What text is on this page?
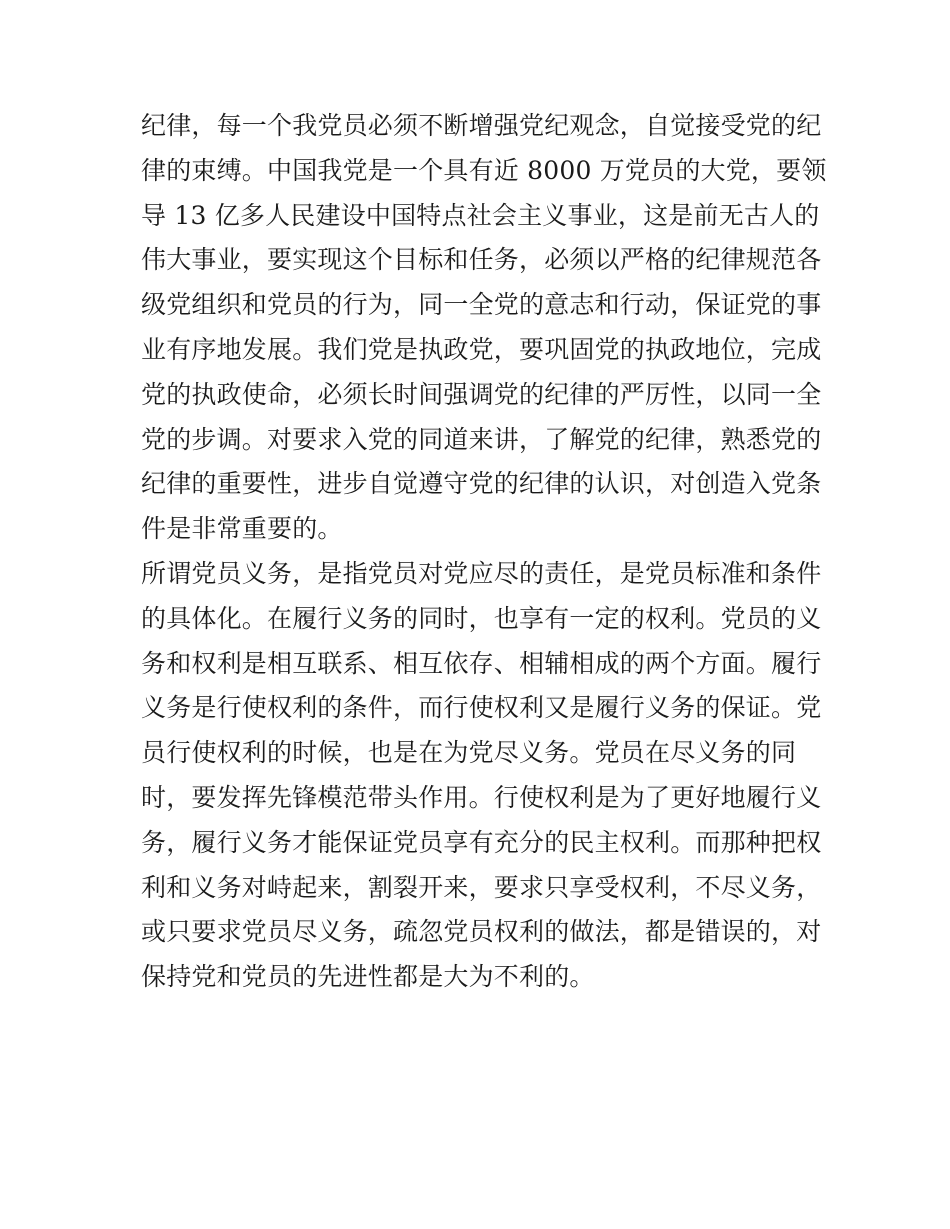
纪律，每一个我党员必须不断增强党纪观念，自觉接受党的纪
律的束缚。中国我党是一个具有近 8000 万党员的大党，要领
导 13 亿多人民建设中国特点社会主义事业，这是前无古人的
伟大事业，要实现这个目标和任务，必须以严格的纪律规范各
级党组织和党员的行为，同一全党的意志和行动，保证党的事
业有序地发展。我们党是执政党，要巩固党的执政地位，完成
党的执政使命，必须长时间强调党的纪律的严厉性，以同一全
党的步调。对要求入党的同道来讲，了解党的纪律，熟悉党的
纪律的重要性，进步自觉遵守党的纪律的认识，对创造入党条
件是非常重要的。
所谓党员义务，是指党员对党应尽的责任，是党员标准和条件
的具体化。在履行义务的同时，也享有一定的权利。党员的义
务和权利是相互联系、相互依存、相辅相成的两个方面。履行
义务是行使权利的条件，而行使权利又是履行义务的保证。党
员行使权利的时候，也是在为党尽义务。党员在尽义务的同
时，要发挥先锋模范带头作用。行使权利是为了更好地履行义
务，履行义务才能保证党员享有充分的民主权利。而那种把权
利和义务对峙起来，割裂开来，要求只享受权利，不尽义务，
或只要求党员尽义务，疏忽党员权利的做法，都是错误的，对
保持党和党员的先进性都是大为不利的。
